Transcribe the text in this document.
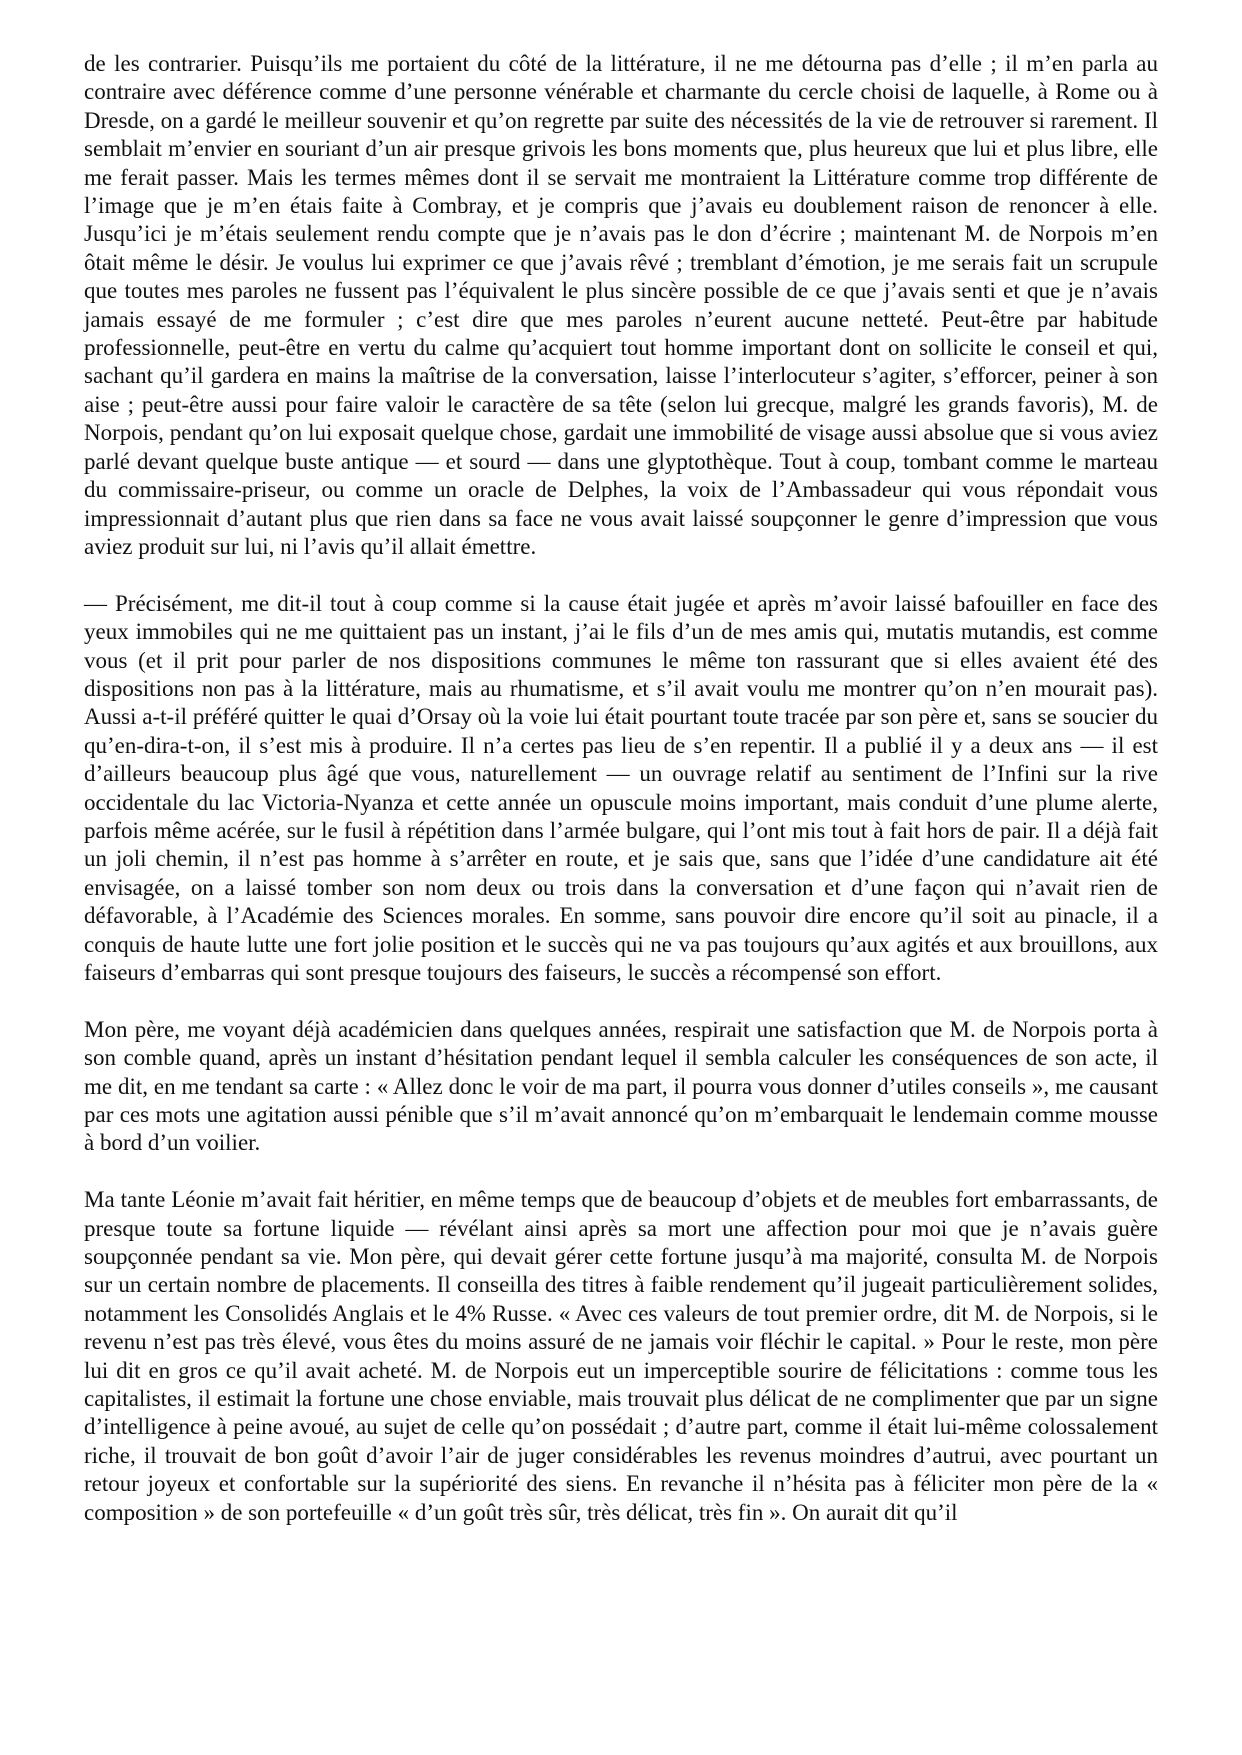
de les contrarier. Puisqu’ils me portaient du côté de la littérature, il ne me détourna pas d’elle ; il m’en parla au contraire avec déférence comme d’une personne vénérable et charmante du cercle choisi de laquelle, à Rome ou à Dresde, on a gardé le meilleur souvenir et qu’on regrette par suite des nécessités de la vie de retrouver si rarement. Il semblait m’envier en souriant d’un air presque grivois les bons moments que, plus heureux que lui et plus libre, elle me ferait passer. Mais les termes mêmes dont il se servait me montraient la Littérature comme trop différente de l’image que je m’en étais faite à Combray, et je compris que j’avais eu doublement raison de renoncer à elle. Jusqu’ici je m’étais seulement rendu compte que je n’avais pas le don d’écrire ; maintenant M. de Norpois m’en ôtait même le désir. Je voulus lui exprimer ce que j’avais rêvé ; tremblant d’émotion, je me serais fait un scrupule que toutes mes paroles ne fussent pas l’équivalent le plus sincère possible de ce que j’avais senti et que je n’avais jamais essayé de me formuler ; c’est dire que mes paroles n’eurent aucune netteté. Peut-être par habitude professionnelle, peut-être en vertu du calme qu’acquiert tout homme important dont on sollicite le conseil et qui, sachant qu’il gardera en mains la maîtrise de la conversation, laisse l’interlocuteur s’agiter, s’efforcer, peiner à son aise ; peut-être aussi pour faire valoir le caractère de sa tête (selon lui grecque, malgré les grands favoris), M. de Norpois, pendant qu’on lui exposait quelque chose, gardait une immobilité de visage aussi absolue que si vous aviez parlé devant quelque buste antique — et sourd — dans une glyptothèque. Tout à coup, tombant comme le marteau du commissaire-priseur, ou comme un oracle de Delphes, la voix de l’Ambassadeur qui vous répondait vous impressionnait d’autant plus que rien dans sa face ne vous avait laissé soupçonner le genre d’impression que vous aviez produit sur lui, ni l’avis qu’il allait émettre.

— Précisément, me dit-il tout à coup comme si la cause était jugée et après m’avoir laissé bafouiller en face des yeux immobiles qui ne me quittaient pas un instant, j’ai le fils d’un de mes amis qui, mutatis mutandis, est comme vous (et il prit pour parler de nos dispositions communes le même ton rassurant que si elles avaient été des dispositions non pas à la littérature, mais au rhumatisme, et s’il avait voulu me montrer qu’on n’en mourait pas). Aussi a-t-il préféré quitter le quai d’Orsay où la voie lui était pourtant toute tracée par son père et, sans se soucier du qu’en-dira-t-on, il s’est mis à produire. Il n’a certes pas lieu de s’en repentir. Il a publié il y a deux ans — il est d’ailleurs beaucoup plus âgé que vous, naturellement — un ouvrage relatif au sentiment de l’Infini sur la rive occidentale du lac Victoria-Nyanza et cette année un opuscule moins important, mais conduit d’une plume alerte, parfois même acérée, sur le fusil à répétition dans l’armée bulgare, qui l’ont mis tout à fait hors de pair. Il a déjà fait un joli chemin, il n’est pas homme à s’arrêter en route, et je sais que, sans que l’idée d’une candidature ait été envisagée, on a laissé tomber son nom deux ou trois dans la conversation et d’une façon qui n’avait rien de défavorable, à l’Académie des Sciences morales. En somme, sans pouvoir dire encore qu’il soit au pinacle, il a conquis de haute lutte une fort jolie position et le succès qui ne va pas toujours qu’aux agités et aux brouillons, aux faiseurs d’embarras qui sont presque toujours des faiseurs, le succès a récompensé son effort.

Mon père, me voyant déjà académicien dans quelques années, respirait une satisfaction que M. de Norpois porta à son comble quand, après un instant d’hésitation pendant lequel il sembla calculer les conséquences de son acte, il me dit, en me tendant sa carte : « Allez donc le voir de ma part, il pourra vous donner d’utiles conseils », me causant par ces mots une agitation aussi pénible que s’il m’avait annoncé qu’on m’embarquait le lendemain comme mousse à bord d’un voilier.

Ma tante Léonie m’avait fait héritier, en même temps que de beaucoup d’objets et de meubles fort embarrassants, de presque toute sa fortune liquide — révélant ainsi après sa mort une affection pour moi que je n’avais guère soupçonnée pendant sa vie. Mon père, qui devait gérer cette fortune jusqu’à ma majorité, consulta M. de Norpois sur un certain nombre de placements. Il conseilla des titres à faible rendement qu’il jugeait particulièrement solides, notamment les Consolidés Anglais et le 4% Russe. « Avec ces valeurs de tout premier ordre, dit M. de Norpois, si le revenu n’est pas très élevé, vous êtes du moins assuré de ne jamais voir fléchir le capital. » Pour le reste, mon père lui dit en gros ce qu’il avait acheté. M. de Norpois eut un imperceptible sourire de félicitations : comme tous les capitalistes, il estimait la fortune une chose enviable, mais trouvait plus délicat de ne complimenter que par un signe d’intelligence à peine avoué, au sujet de celle qu’on possédait ; d’autre part, comme il était lui-même colossalement riche, il trouvait de bon goût d’avoir l’air de juger considérables les revenus moindres d’autrui, avec pourtant un retour joyeux et confortable sur la supériorité des siens. En revanche il n’hésita pas à féliciter mon père de la « composition » de son portefeuille « d’un goût très sûr, très délicat, très fin ». On aurait dit qu’il
